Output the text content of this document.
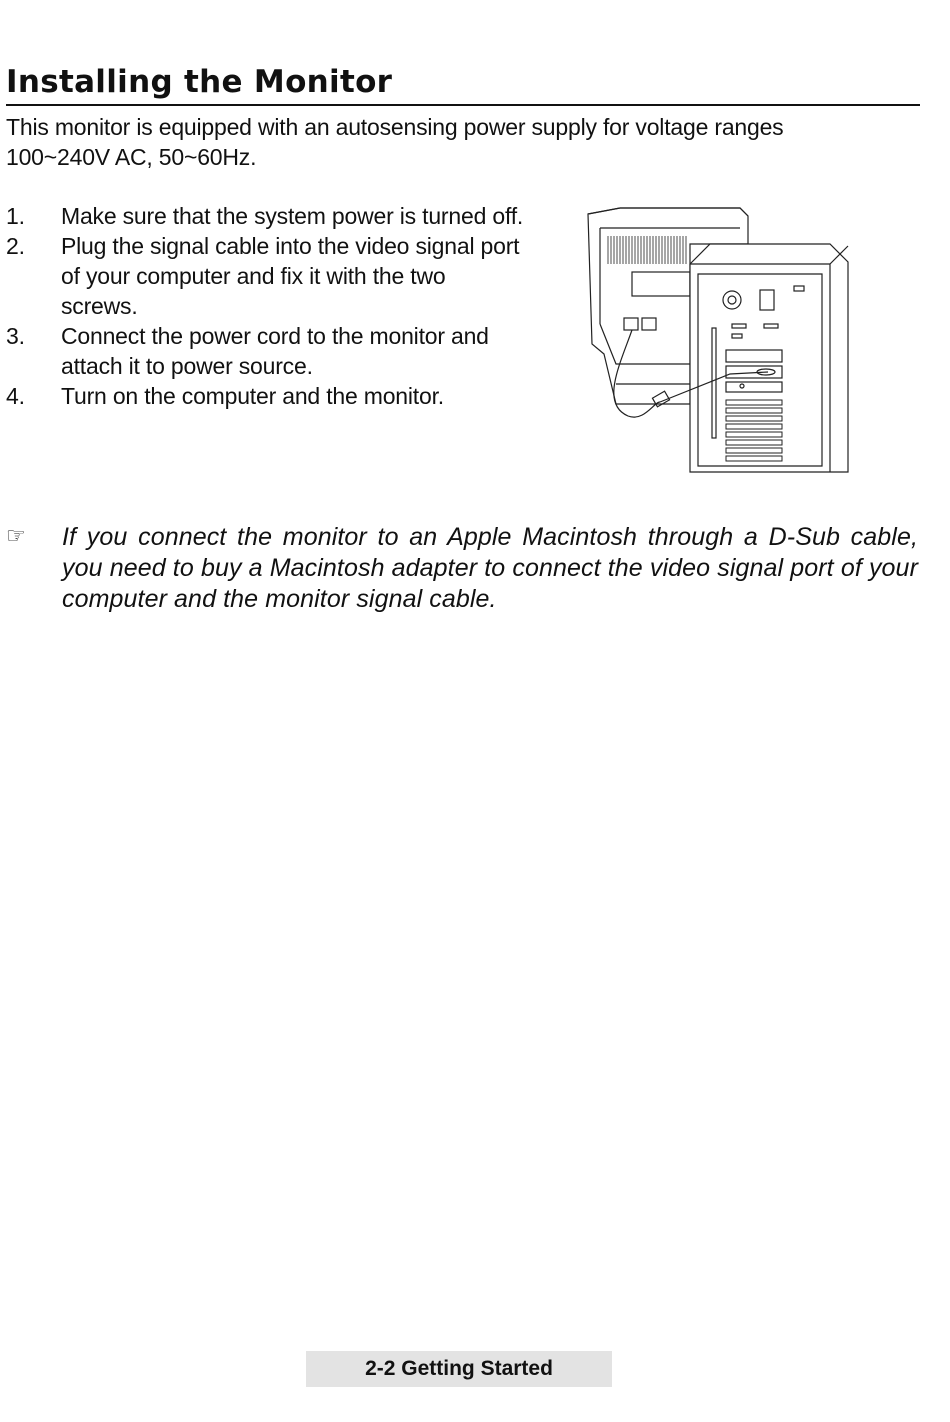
Installing the Monitor
This monitor is equipped with an autosensing power supply for voltage ranges
100~240V AC, 50~60Hz.
1. Make sure that the system power is turned off.
2. Plug the signal cable into the video signal port of your computer and fix it with the two screws.
3. Connect the power cord to the monitor and attach it to power source.
4. Turn on the computer and the monitor.
☞ If you connect the monitor to an Apple Macintosh through a D-Sub cable, you need to buy a Macintosh adapter to connect the video signal port of your computer and the monitor signal cable.
2-2 Getting Started
